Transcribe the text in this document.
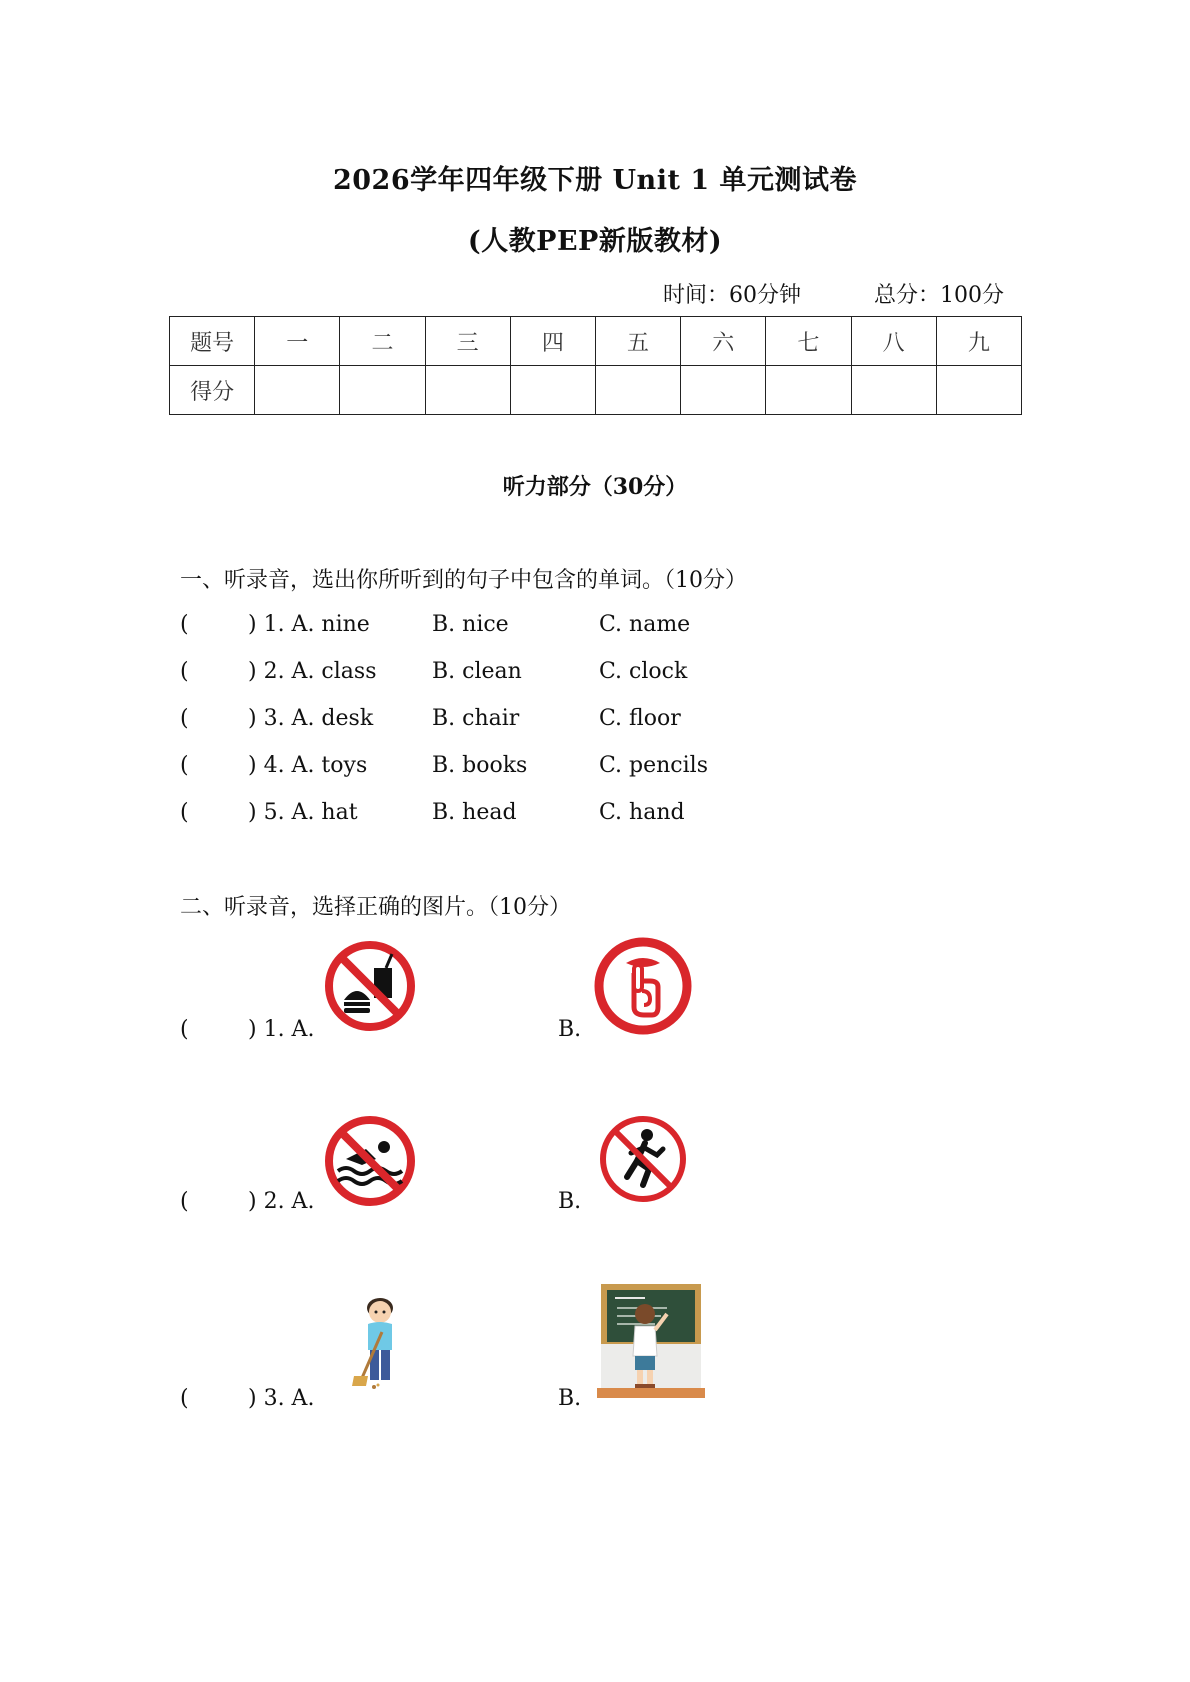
2026学年四年级下册 Unit 1 单元测试卷
(人教PEP新版教材)
时间：60分钟	总分：100分
题号	一	二	三	四	五	六	七	八	九
得分									
听力部分（30分）
一、听录音，选出你所听到的句子中包含的单词。（10分）
(	) 1. A. nine	B. nice	C. name
(	) 2. A. class	B. clean	C. clock
(	) 3. A. desk	B. chair	C. floor
(	) 4. A. toys	B. books	C. pencils
(	) 5. A. hat	B. head	C. hand
二、听录音，选择正确的图片。（10分）
(	) 1. A.	B.
(	) 2. A.	B.
(	) 3. A.	B.
